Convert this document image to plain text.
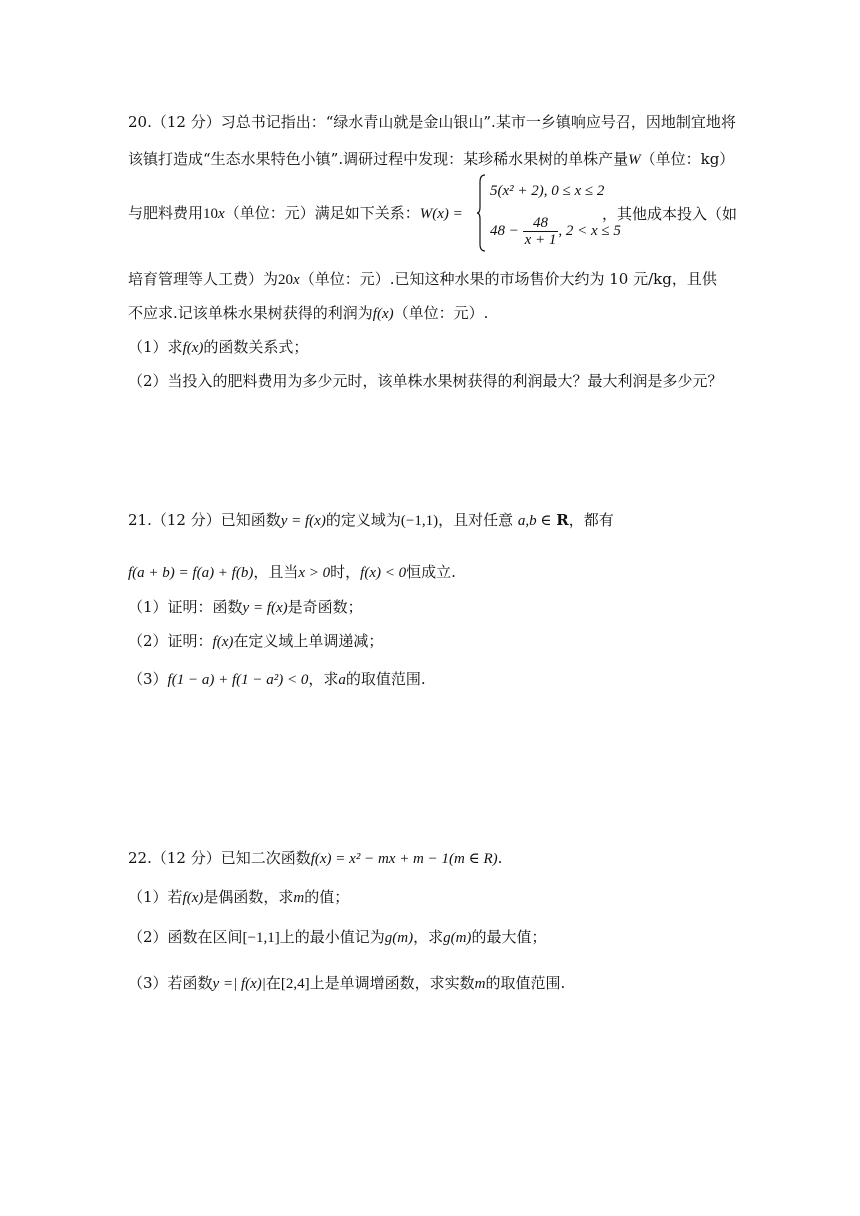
20.（12 分）习总书记指出：“绿水青山就是金山银山”.某市一乡镇响应号召，因地制宜地将
该镇打造成“生态水果特色小镇”.调研过程中发现：某珍稀水果树的单株产量W（单位：kg）
与肥料费用10x（单位：元）满足如下关系：W(x) =
5(x² + 2), 0 ≤ x ≤ 2
$48 - \frac{48}{x + 1}$ , 2 < x ≤ 5
，其他成本投入（如
培育管理等人工费）为20x（单位：元）.已知这种水果的市场售价大约为 10 元/kg，且供
不应求.记该单株水果树获得的利润为f(x)（单位：元）.
（1）求f(x)的函数关系式；
（2）当投入的肥料费用为多少元时，该单株水果树获得的利润最大？最大利润是多少元？
21.（12 分）已知函数y = f(x)的定义域为(−1,1)，且对任意 a,b ∈ R，都有
f(a + b) = f(a) + f(b)，且当x > 0时，f(x) < 0恒成立.
（1）证明：函数y = f(x)是奇函数；
（2）证明：f(x)在定义域上单调递减；
（3）f(1 − a) + f(1 − a²) < 0，求a的取值范围.
22.（12 分）已知二次函数f(x) = x² − mx + m − 1(m ∈ R).
（1）若f(x)是偶函数，求m的值；
（2）函数在区间[−1,1]上的最小值记为g(m)，求g(m)的最大值；
（3）若函数y =| f(x)|在[2,4]上是单调增函数，求实数m的取值范围.
